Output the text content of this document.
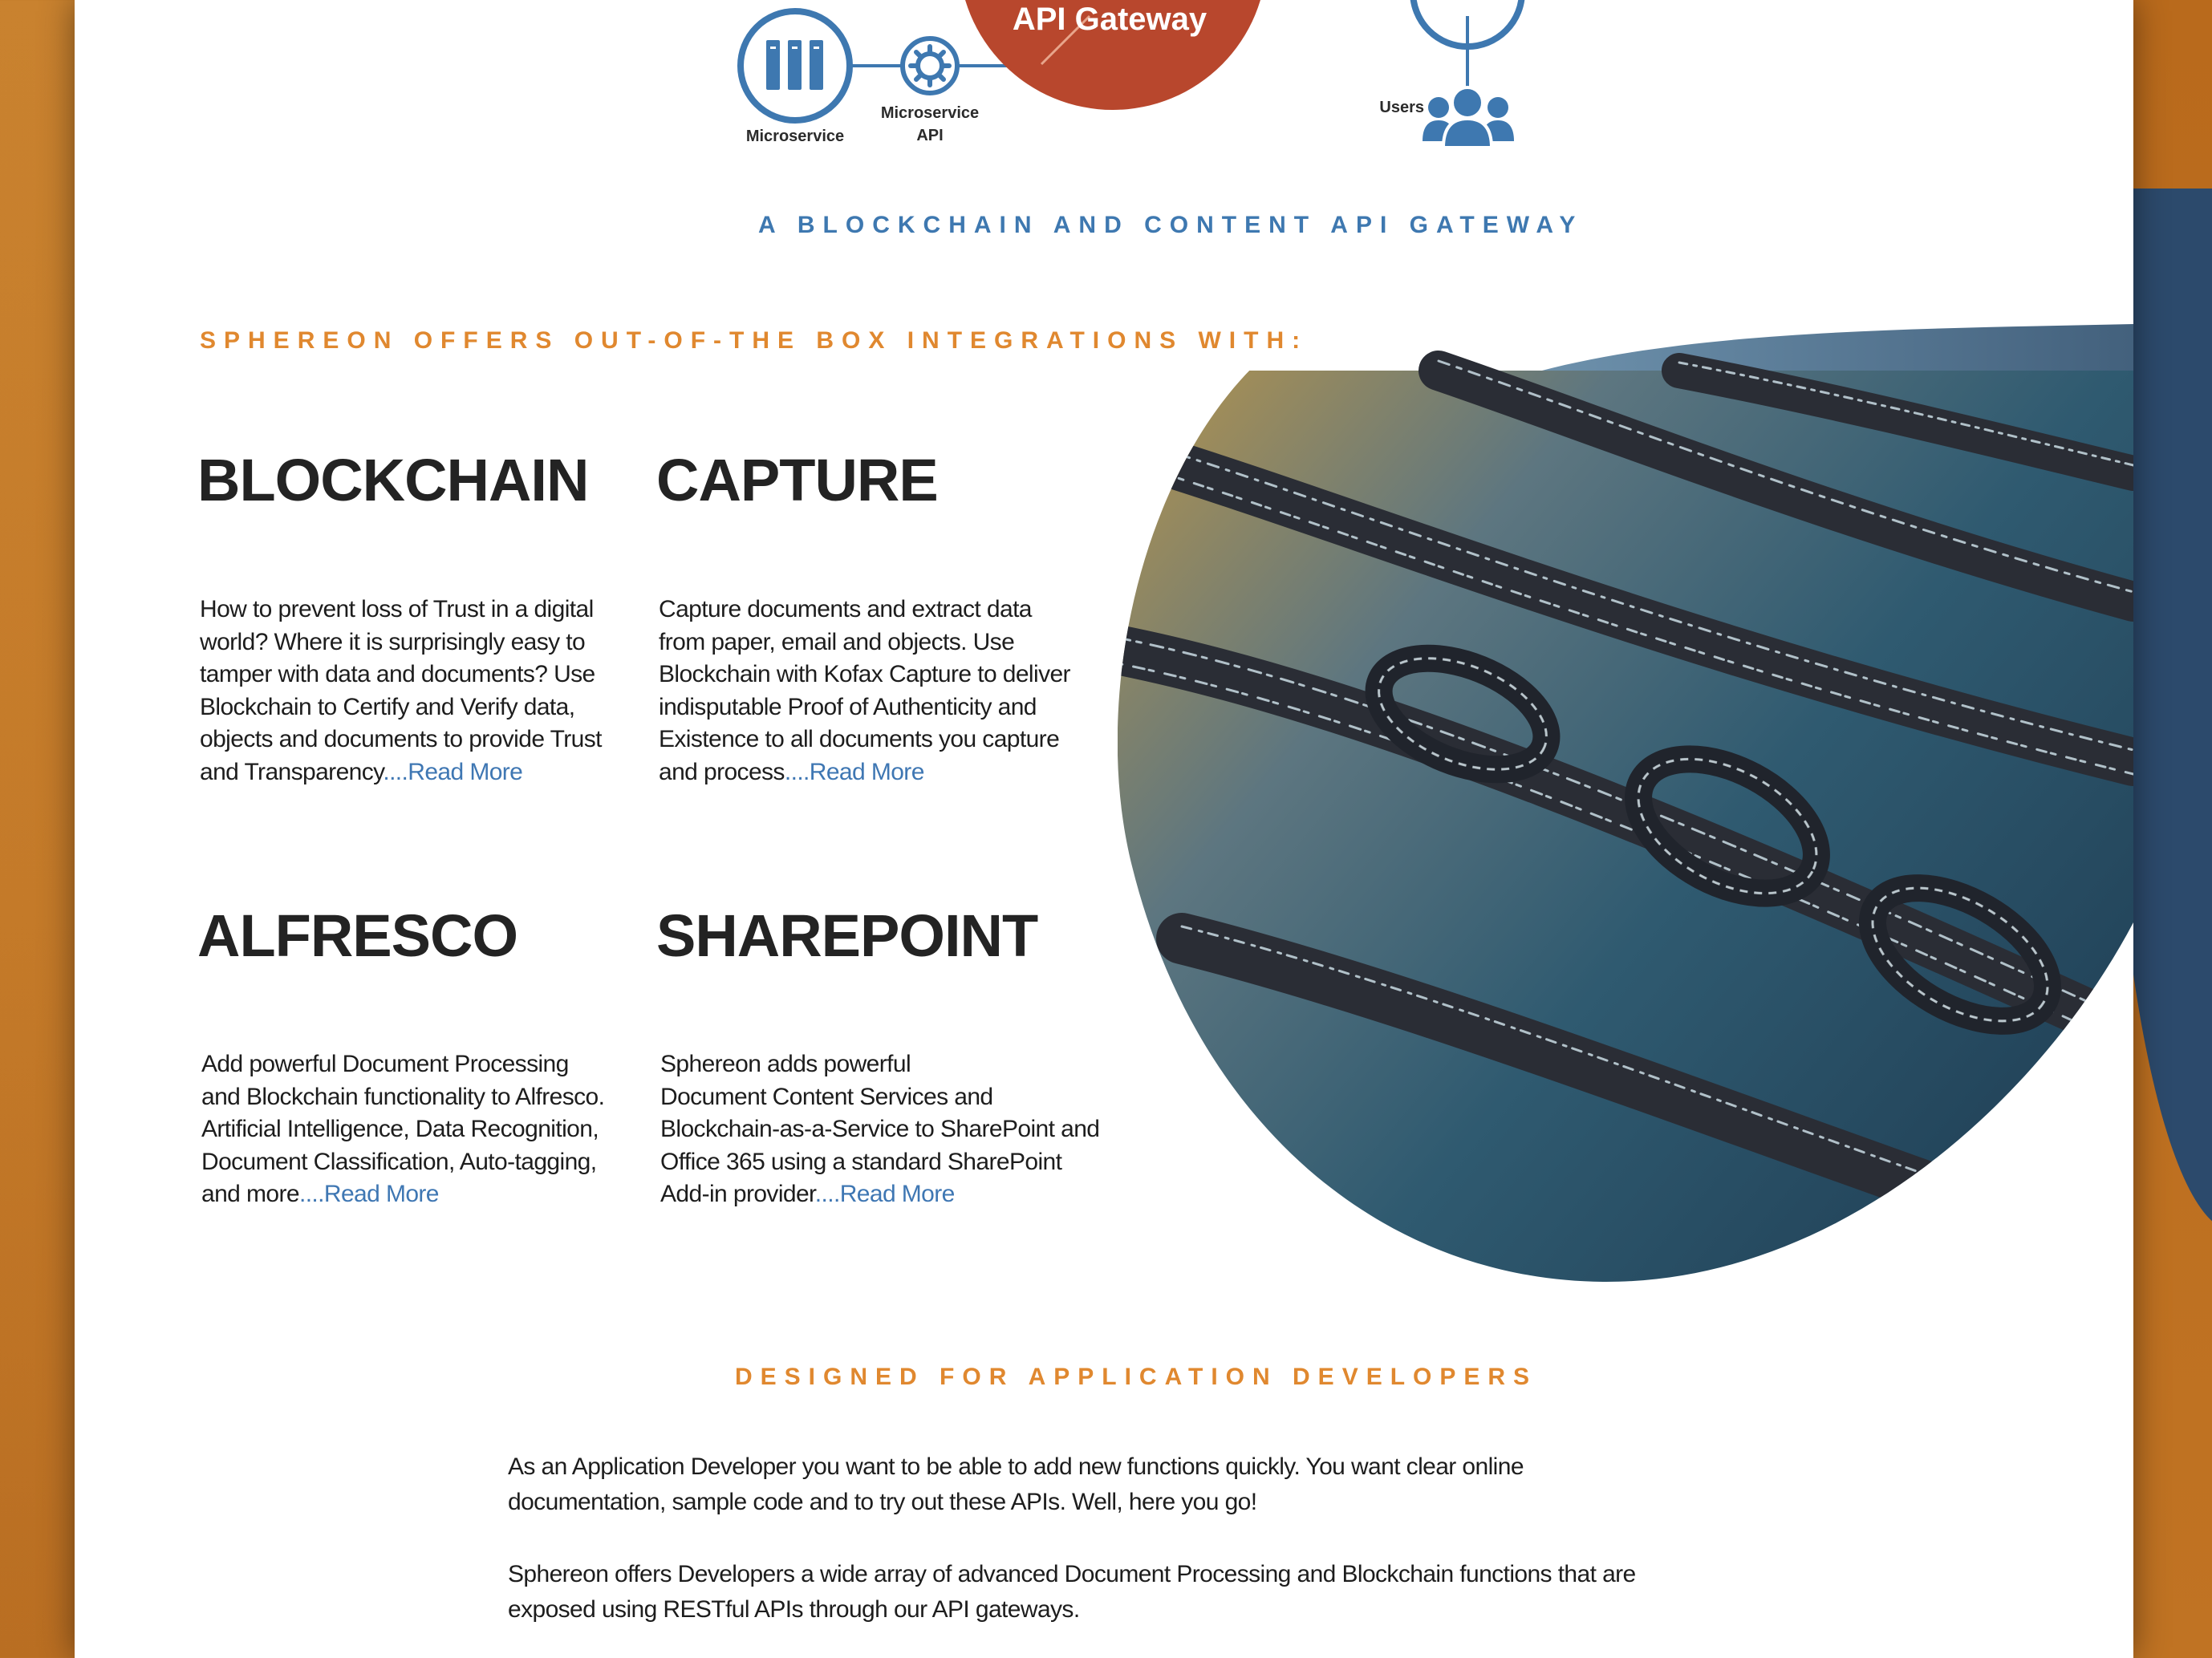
API Gateway
Microservice
Microservice
API
Users
A BLOCKCHAIN AND CONTENT API GATEWAY
SPHEREON OFFERS OUT-OF-THE BOX INTEGRATIONS WITH:
BLOCKCHAIN
How to prevent loss of Trust in a digital
world? Where it is surprisingly easy to
tamper with data and documents? Use
Blockchain to Certify and Verify data,
objects and documents to provide Trust
and Transparency....Read More
CAPTURE
Capture documents and extract data
from paper, email and objects. Use
Blockchain with Kofax Capture to deliver
indisputable Proof of Authenticity and
Existence to all documents you capture
and process....Read More
ALFRESCO
Add powerful Document Processing
and Blockchain functionality to Alfresco.
Artificial Intelligence, Data Recognition,
Document Classification, Auto-tagging,
and more....Read More
SHAREPOINT
Sphereon adds powerful
Document Content Services and
Blockchain-as-a-Service to SharePoint and
Office 365 using a standard SharePoint
Add-in provider....Read More
DESIGNED FOR APPLICATION DEVELOPERS
As an Application Developer you want to be able to add new functions quickly. You want clear online
documentation, sample code and to try out these APIs. Well, here you go!
Sphereon offers Developers a wide array of advanced Document Processing and Blockchain functions that are
exposed using RESTful APIs through our API gateways.
